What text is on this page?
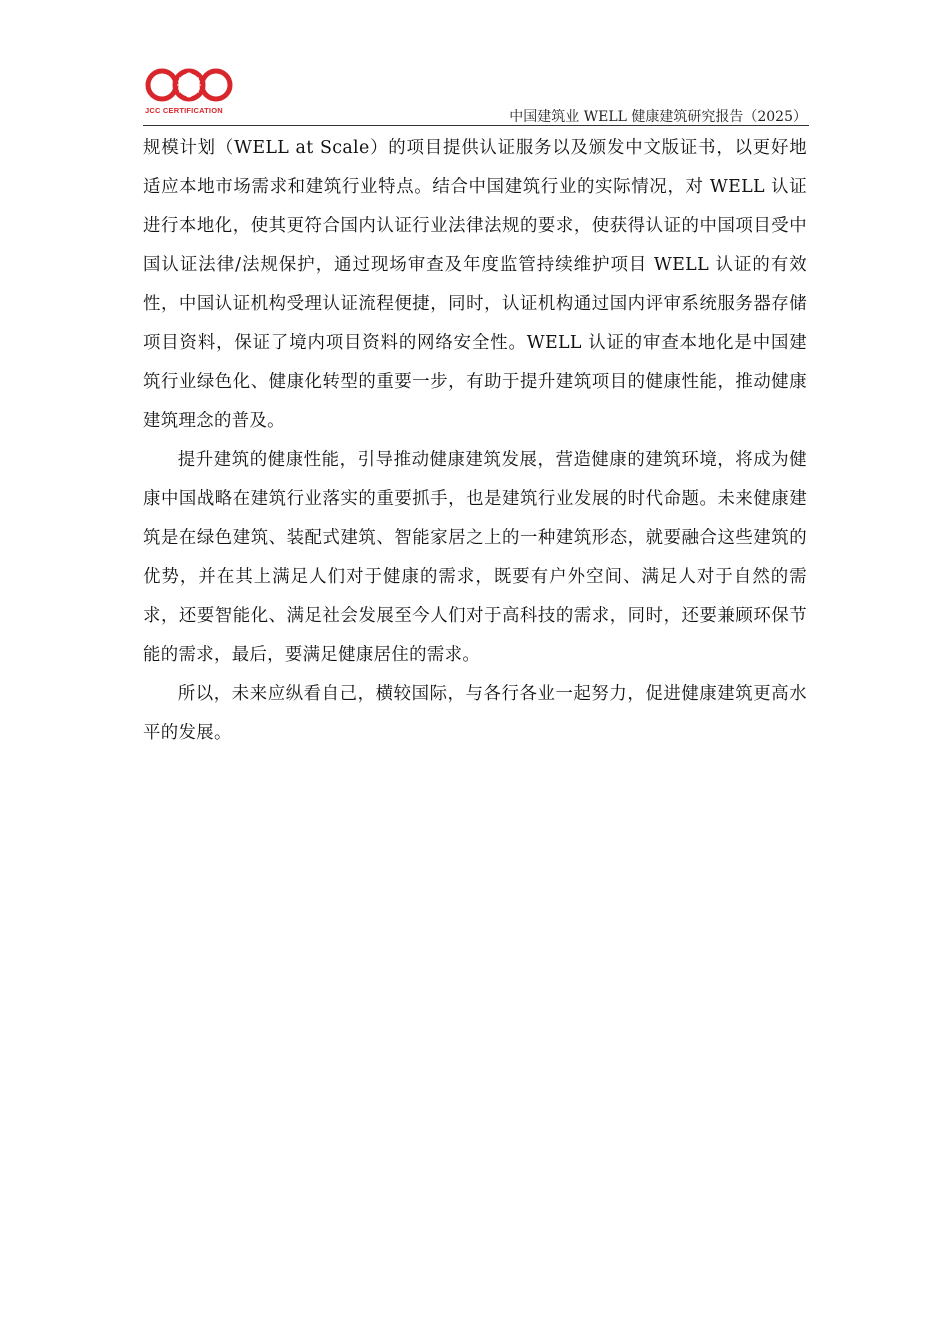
JCC CERTIFICATION	中国建筑业 WELL 健康建筑研究报告（2025）

规模计划（WELL at Scale）的项目提供认证服务以及颁发中文版证书，以更好地适应本地市场需求和建筑行业特点。结合中国建筑行业的实际情况，对 WELL 认证进行本地化，使其更符合国内认证行业法律法规的要求，使获得认证的中国项目受中国认证法律/法规保护，通过现场审查及年度监管持续维护项目 WELL 认证的有效性，中国认证机构受理认证流程便捷，同时，认证机构通过国内评审系统服务器存储项目资料，保证了境内项目资料的网络安全性。WELL 认证的审查本地化是中国建筑行业绿色化、健康化转型的重要一步，有助于提升建筑项目的健康性能，推动健康建筑理念的普及。

提升建筑的健康性能，引导推动健康建筑发展，营造健康的建筑环境，将成为健康中国战略在建筑行业落实的重要抓手，也是建筑行业发展的时代命题。未来健康建筑是在绿色建筑、装配式建筑、智能家居之上的一种建筑形态，就要融合这些建筑的优势，并在其上满足人们对于健康的需求，既要有户外空间、满足人对于自然的需求，还要智能化、满足社会发展至今人们对于高科技的需求，同时，还要兼顾环保节能的需求，最后，要满足健康居住的需求。

所以，未来应纵看自己，横较国际，与各行各业一起努力，促进健康建筑更高水平的发展。
